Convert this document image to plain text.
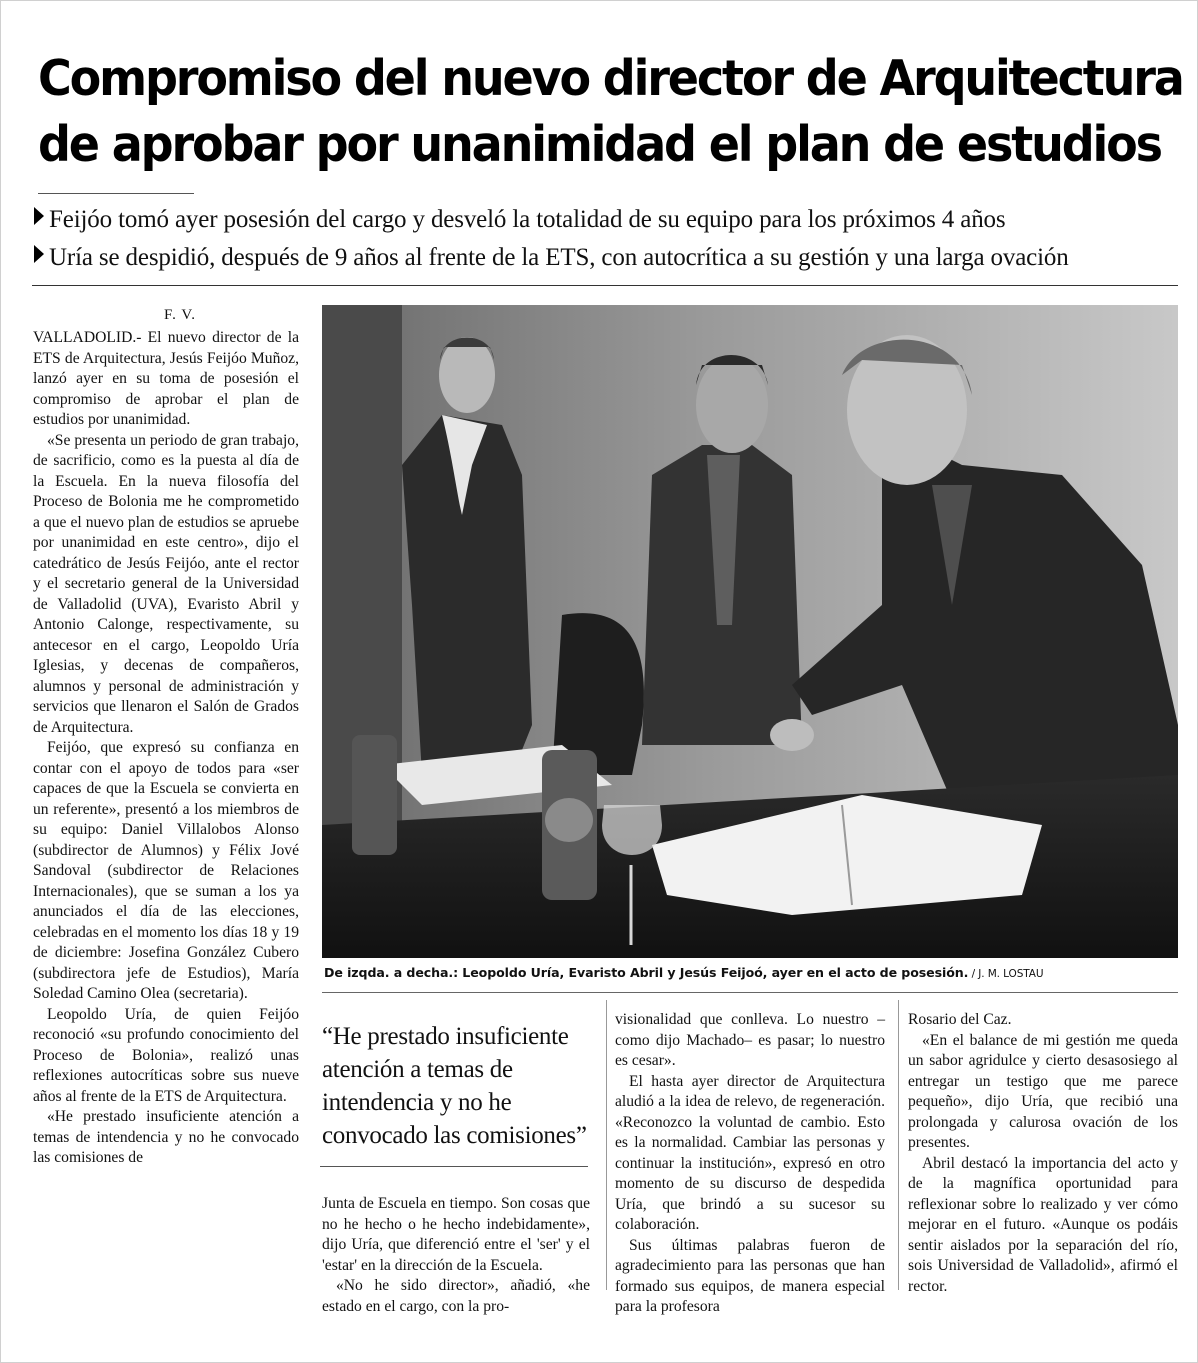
Compromiso del nuevo director de Arquitectura
de aprobar por unanimidad el plan de estudios
Feijóo tomó ayer posesión del cargo y desveló la totalidad de su equipo para los próximos 4 años
Uría se despidió, después de 9 años al frente de la ETS, con autocrítica a su gestión y una larga ovación
F. V.

VALLADOLID.- El nuevo director de la ETS de Arquitectura, Jesús Feijóo Muñoz, lanzó ayer en su toma de posesión el compromiso de aprobar el plan de estudios por unanimidad.

«Se presenta un periodo de gran trabajo, de sacrificio, como es la puesta al día de la Escuela. En la nueva filosofía del Proceso de Bolonia me he comprometido a que el nuevo plan de estudios se apruebe por unanimidad en este centro», dijo el catedrático de Jesús Feijóo, ante el rector y el secretario general de la Universidad de Valladolid (UVA), Evaristo Abril y Antonio Calonge, respectivamente, su antecesor en el cargo, Leopoldo Uría Iglesias, y decenas de compañeros, alumnos y personal de administración y servicios que llenaron el Salón de Grados de Arquitectura.

Feijóo, que expresó su confianza en contar con el apoyo de todos para «ser capaces de que la Escuela se convierta en un referente», presentó a los miembros de su equipo: Daniel Villalobos Alonso (subdirector de Alumnos) y Félix Jové Sandoval (subdirector de Relaciones Internacionales), que se suman a los ya anunciados el día de las elecciones, celebradas en el momento los días 18 y 19 de diciembre: Josefina González Cubero (subdirectora jefe de Estudios), María Soledad Camino Olea (secretaria).

Leopoldo Uría, de quien Feijóo reconoció «su profundo conocimiento del Proceso de Bolonia», realizó unas reflexiones autocríticas sobre sus nueve años al frente de la ETS de Arquitectura.

«He prestado insuficiente atención a temas de intendencia y no he convocado las comisiones de

De izqda. a decha.: Leopoldo Uría, Evaristo Abril y Jesús Feijoó, ayer en el acto de posesión. / J. M. LOSTAU
“He prestado insuficiente atención a temas de intendencia y no he convocado las comisiones”

Junta de Escuela en tiempo. Son cosas que no he hecho o he hecho indebidamente», dijo Uría, que diferenció entre el 'ser' y el 'estar' en la dirección de la Escuela.

«No he sido director», añadió, «he estado en el cargo, con la pro-

visionalidad que conlleva. Lo nuestro –como dijo Machado– es pasar; lo nuestro es cesar».

El hasta ayer director de Arquitectura aludió a la idea de relevo, de regeneración. «Reconozco la voluntad de cambio. Esto es la normalidad. Cambiar las personas y continuar la institución», expresó en otro momento de su discurso de despedida Uría, que brindó a su sucesor su colaboración.

Sus últimas palabras fueron de agradecimiento para las personas que han formado sus equipos, de manera especial para la profesora

Rosario del Caz.

«En el balance de mi gestión me queda un sabor agridulce y cierto desasosiego al entregar un testigo que me parece pequeño», dijo Uría, que recibió una prolongada y calurosa ovación de los presentes.

Abril destacó la importancia del acto y de la magnífica oportunidad para reflexionar sobre lo realizado y ver cómo mejorar en el futuro. «Aunque os podáis sentir aislados por la separación del río, sois Universidad de Valladolid», afirmó el rector.
